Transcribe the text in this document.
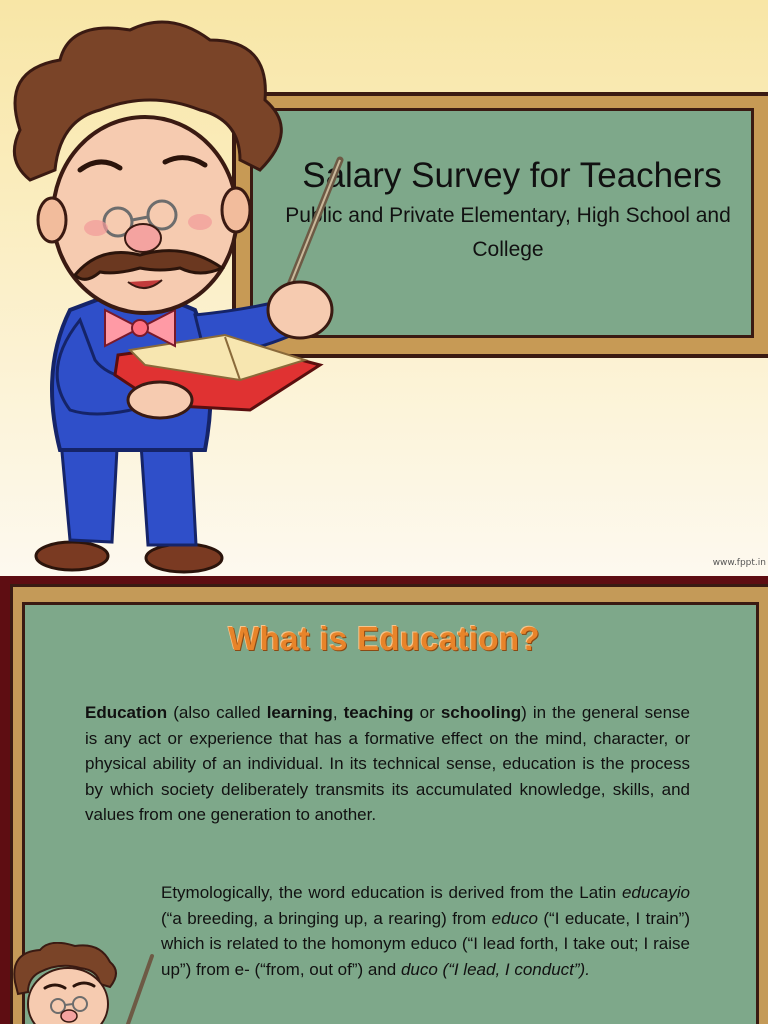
Salary Survey for Teachers

Public and Private Elementary, High School and College

www.fppt.in
What is Education?

Education (also called learning, teaching or schooling) in the general sense is any act or experience that has a formative effect on the mind, character, or physical ability of an individual. In its technical sense, education is the process by which society deliberately transmits its accumulated knowledge, skills, and values from one generation to another.

Etymologically, the word education is derived from the Latin educayio (“a breeding, a bringing up, a rearing) from educo (“I educate, I train”) which is related to the homonym educo (“I lead forth, I take out; I raise up”) from e- (“from, out of”) and duco (“I lead, I conduct”).
